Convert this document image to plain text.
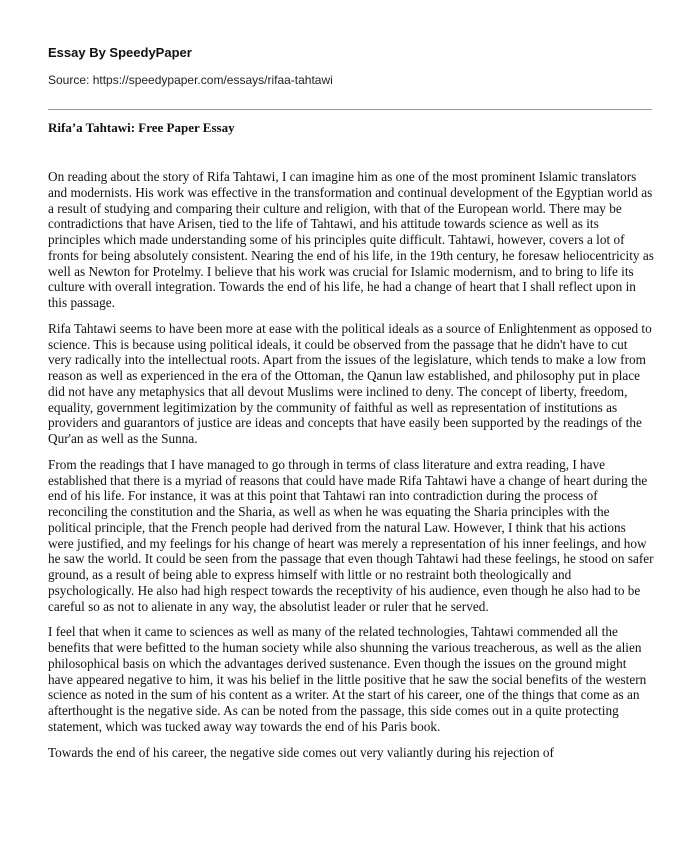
Essay By SpeedyPaper
Source: https://speedypaper.com/essays/rifaa-tahtawi
Rifa’a Tahtawi: Free Paper Essay

On reading about the story of Rifa Tahtawi, I can imagine him as one of the most prominent Islamic translators and modernists. His work was effective in the transformation and continual development of the Egyptian world as a result of studying and comparing their culture and religion, with that of the European world. There may be contradictions that have Arisen, tied to the life of Tahtawi, and his attitude towards science as well as its principles which made understanding some of his principles quite difficult. Tahtawi, however, covers a lot of fronts for being absolutely consistent. Nearing the end of his life, in the 19th century, he foresaw heliocentricity as well as Newton for Protelmy. I believe that his work was crucial for Islamic modernism, and to bring to life its culture with overall integration. Towards the end of his life, he had a change of heart that I shall reflect upon in this passage.

Rifa Tahtawi seems to have been more at ease with the political ideals as a source of Enlightenment as opposed to science. This is because using political ideals, it could be observed from the passage that he didn't have to cut very radically into the intellectual roots. Apart from the issues of the legislature, which tends to make a low from reason as well as experienced in the era of the Ottoman, the Qanun law established, and philosophy put in place did not have any metaphysics that all devout Muslims were inclined to deny. The concept of liberty, freedom, equality, government legitimization by the community of faithful as well as representation of institutions as providers and guarantors of justice are ideas and concepts that have easily been supported by the readings of the Qur'an as well as the Sunna.

From the readings that I have managed to go through in terms of class literature and extra reading, I have established that there is a myriad of reasons that could have made Rifa Tahtawi have a change of heart during the end of his life. For instance, it was at this point that Tahtawi ran into contradiction during the process of reconciling the constitution and the Sharia, as well as when he was equating the Sharia principles with the political principle, that the French people had derived from the natural Law. However, I think that his actions were justified, and my feelings for his change of heart was merely a representation of his inner feelings, and how he saw the world. It could be seen from the passage that even though Tahtawi had these feelings, he stood on safer ground, as a result of being able to express himself with little or no restraint both theologically and psychologically. He also had high respect towards the receptivity of his audience, even though he also had to be careful so as not to alienate in any way, the absolutist leader or ruler that he served.

I feel that when it came to sciences as well as many of the related technologies, Tahtawi commended all the benefits that were befitted to the human society while also shunning the various treacherous, as well as the alien philosophical basis on which the advantages derived sustenance. Even though the issues on the ground might have appeared negative to him, it was his belief in the little positive that he saw the social benefits of the western science as noted in the sum of his content as a writer. At the start of his career, one of the things that come as an afterthought is the negative side. As can be noted from the passage, this side comes out in a quite protecting statement, which was tucked away way towards the end of his Paris book.

Towards the end of his career, the negative side comes out very valiantly during his rejection of
